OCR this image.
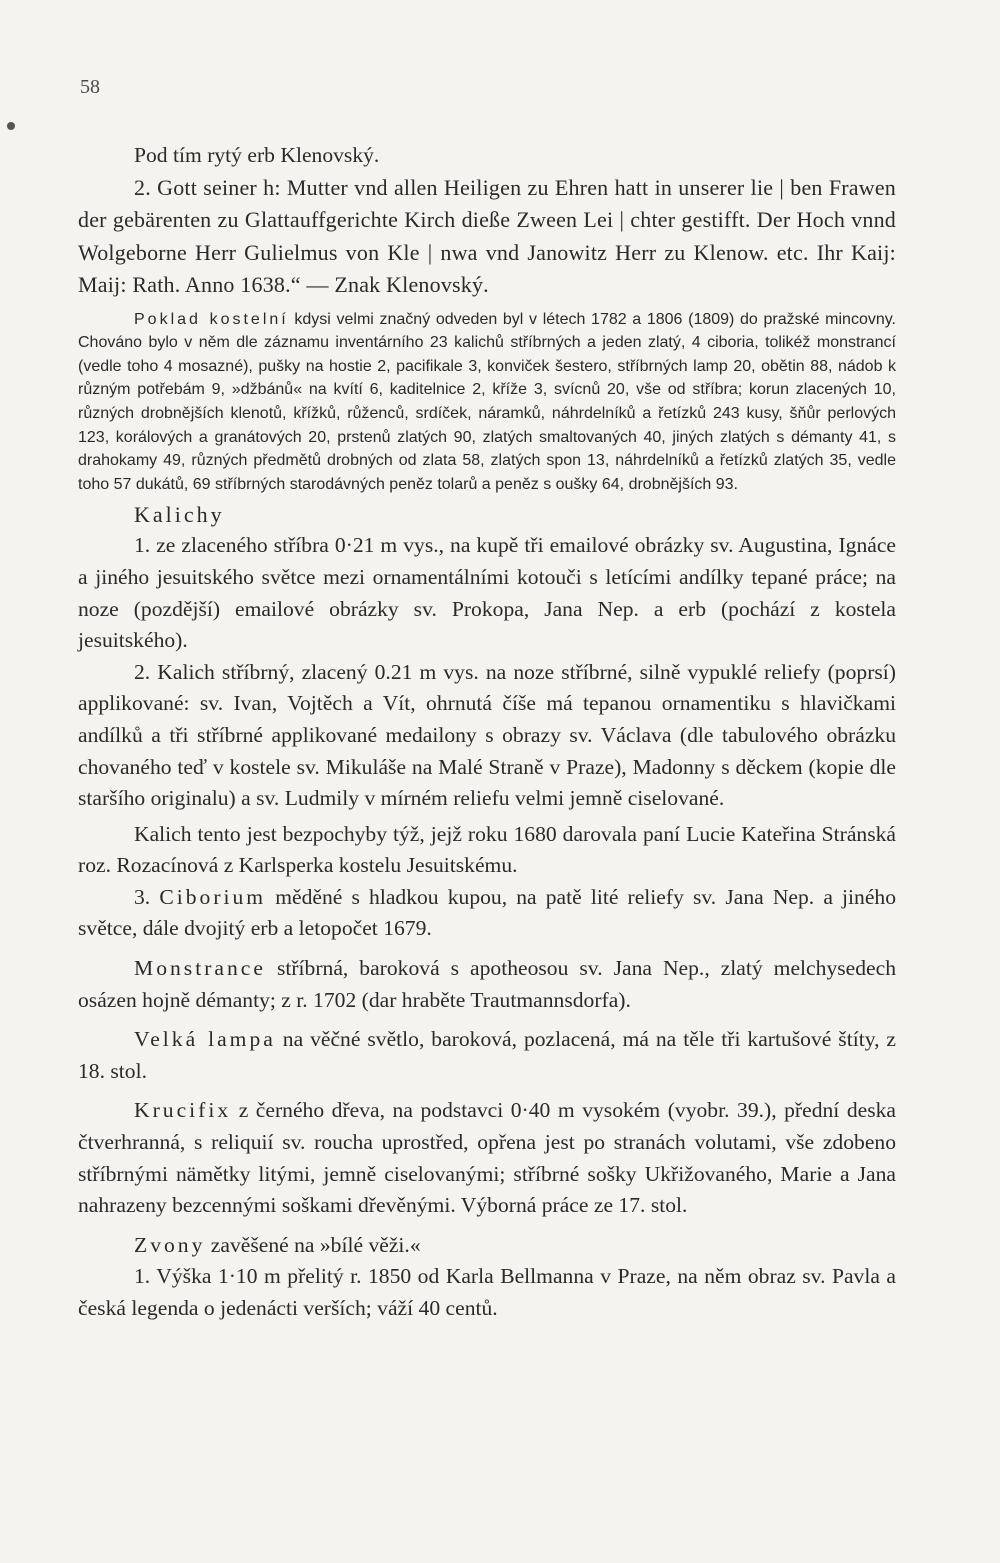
58

Pod tím rytý erb Klenovský.

2. Gott seiner h: Mutter vnd allen Heiligen zu Ehren hatt in unserer lie | ben Frawen der gebärenten zu Glattauffgerichte Kirch dieße Zween Lei | chter gestifft. Der Hoch vnnd Wolgeborne Herr Gulielmus von Kle | nwa vnd Janowitz Herr zu Klenow. etc. Ihr Kaij: Maij: Rath. Anno 1638.“ — Znak Klenovský.

Poklad kostelní kdysi velmi značný odveden byl v létech 1782 a 1806 (1809) do pražské mincovny. Chováno bylo v něm dle záznamu inventárního 23 kalichů stříbrných a jeden zlatý, 4 ciboria, tolikéž monstrancí (vedle toho 4 mosazné), pušky na hostie 2, pacifikale 3, konviček šestero, stříbrných lamp 20, obětin 88, nádob k různým potřebám 9, »džbánů« na kvítí 6, kaditelnice 2, kříže 3, svícnů 20, vše od stříbra; korun zlacených 10, různých drobnějších klenotů, křížků, růženců, srdíček, náramků, náhrdelníků a řetízků 243 kusy, šňůr perlových 123, korálových a granátových 20, prstenů zlatých 90, zlatých smaltovaných 40, jiných zlatých s démanty 41, s drahokamy 49, různých předmětů drobných od zlata 58, zlatých spon 13, náhrdelníků a řetízků zlatých 35, vedle toho 57 dukátů, 69 stříbrných starodávných peněz tolarů a peněz s oušky 64, drobnějších 93.

Kalichy

1. ze zlaceného stříbra 0·21 m vys., na kupě tři emailové obrázky sv. Augustina, Ignáce a jiného jesuitského světce mezi ornamentálními kotouči s letícími andílky tepané práce; na noze (pozdější) emailové obrázky sv. Prokopa, Jana Nep. a erb (pochází z kostela jesuitského).

2. Kalich stříbrný, zlacený 0.21 m vys. na noze stříbrné, silně vypuklé reliefy (poprsí) applikované: sv. Ivan, Vojtěch a Vít, ohrnutá číše má tepanou ornamentiku s hlavičkami andílků a tři stříbrné applikované medailony s obrazy sv. Václava (dle tabulového obrázku chovaného teď v kostele sv. Mikuláše na Malé Straně v Praze), Madonny s děckem (kopie dle staršího originalu) a sv. Ludmily v mírném reliefu velmi jemně ciselované.

Kalich tento jest bezpochyby týž, jejž roku 1680 darovala paní Lucie Kateřina Stránská roz. Rozacínová z Karlsperka kostelu Jesuitskému.

3. Ciborium měděné s hladkou kupou, na patě lité reliefy sv. Jana Nep. a jiného světce, dále dvojitý erb a letopočet 1679.

Monstrance stříbrná, baroková s apotheosou sv. Jana Nep., zlatý melchysedech osázen hojně démanty; z r. 1702 (dar hraběte Trautmannsdorfa).

Velká lampa na věčné světlo, baroková, pozlacená, má na těle tři kartušové štíty, z 18. stol.

Krucifix z černého dřeva, na podstavci 0·40 m vysokém (vyobr. 39.), přední deska čtverhranná, s reliquií sv. roucha uprostřed, opřena jest po stranách volutami, vše zdobeno stříbrnými nämětky litými, jemně ciselovanými; stříbrné sošky Ukřižovaného, Marie a Jana nahrazeny bezcennými soškami dřevěnými. Výborná práce ze 17. stol.

Zvony zavěšené na »bílé věži.«

1. Výška 1·10 m přelitý r. 1850 od Karla Bellmanna v Praze, na něm obraz sv. Pavla a česká legenda o jedenácti verších; váží 40 centů.
